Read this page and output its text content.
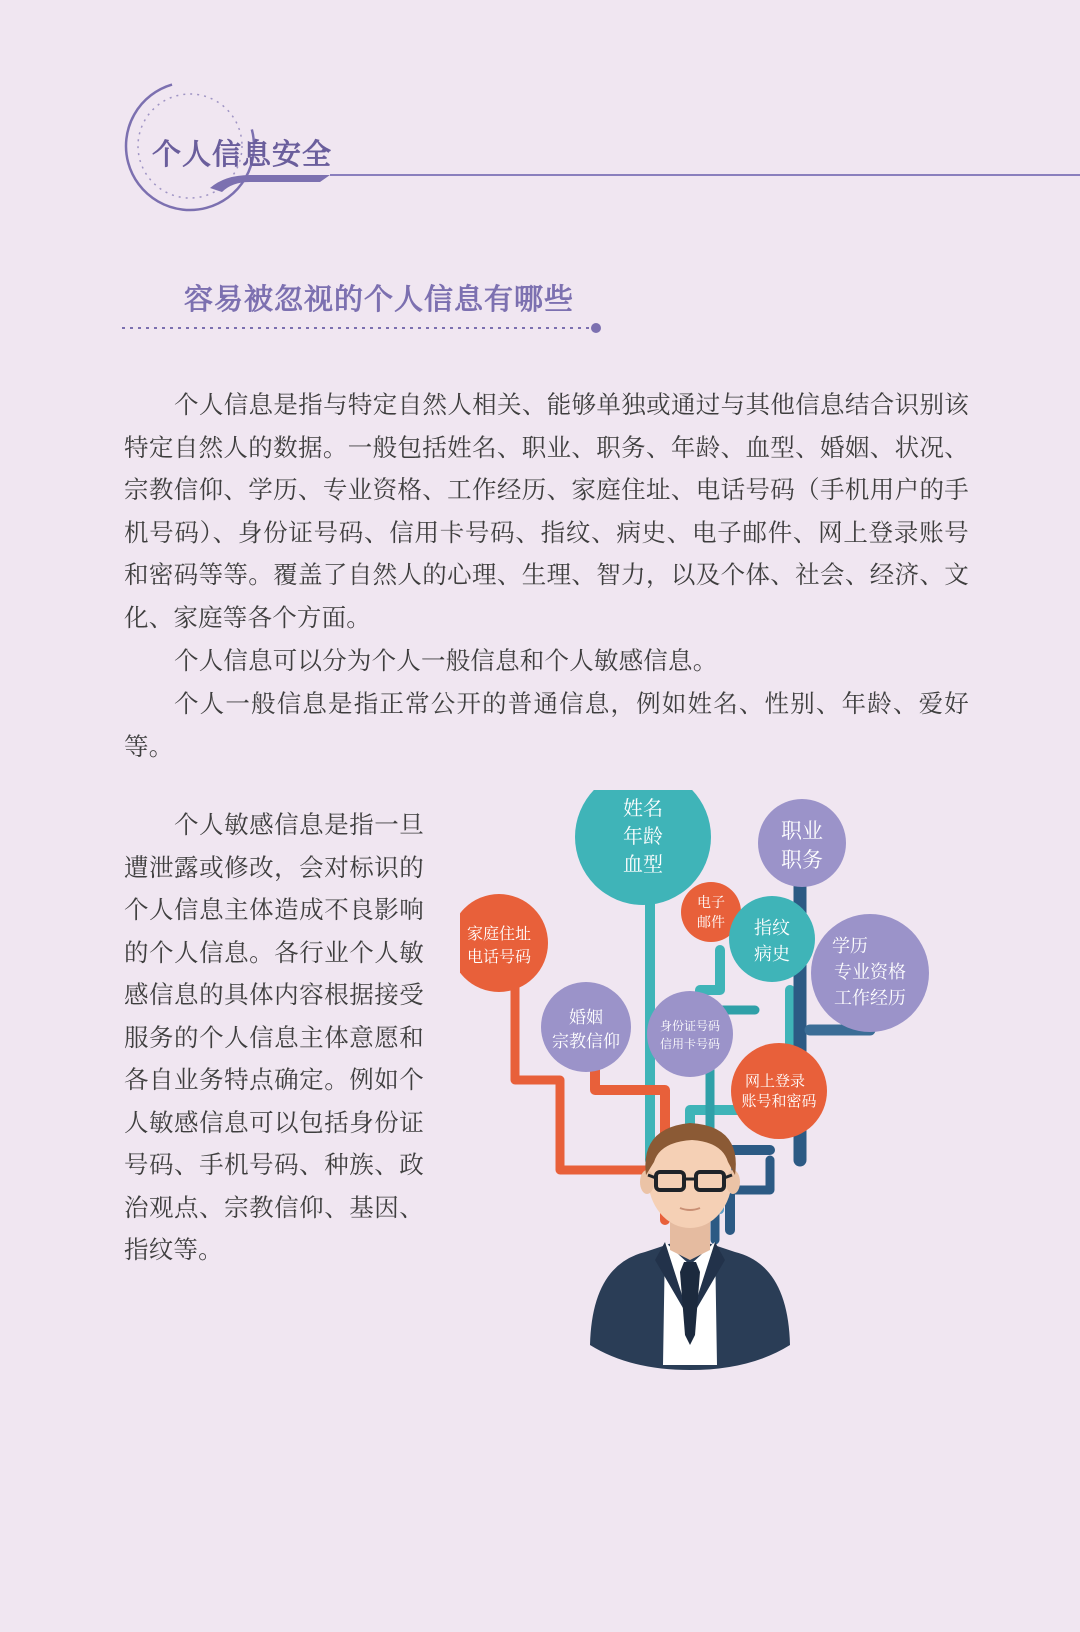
个人信息安全
容易被忽视的个人信息有哪些

个人信息是指与特定自然人相关、能够单独或通过与其他信息结合识别该特定自然人的数据。一般包括姓名、职业、职务、年龄、血型、婚姻、状况、宗教信仰、学历、专业资格、工作经历、家庭住址、电话号码（手机用户的手机号码）、身份证号码、信用卡号码、指纹、病史、电子邮件、网上登录账号和密码等等。覆盖了自然人的心理、生理、智力，以及个体、社会、经济、文化、家庭等各个方面。

个人信息可以分为个人一般信息和个人敏感信息。

个人一般信息是指正常公开的普通信息，例如姓名、性别、年龄、爱好等。

个人敏感信息是指一旦遭泄露或修改，会对标识的个人信息主体造成不良影响的个人信息。各行业个人敏感信息的具体内容根据接受服务的个人信息主体意愿和各自业务特点确定。例如个人敏感信息可以包括身份证号码、手机号码、种族、政治观点、宗教信仰、基因、指纹等。

姓名
年龄
血型
职业
职务
电子
邮件 指纹
病史
家庭住址
电话号码	学历
专业资格
工作经历
婚姻
宗教信仰
身份证号码
信用卡号码
网上登录
账号和密码
